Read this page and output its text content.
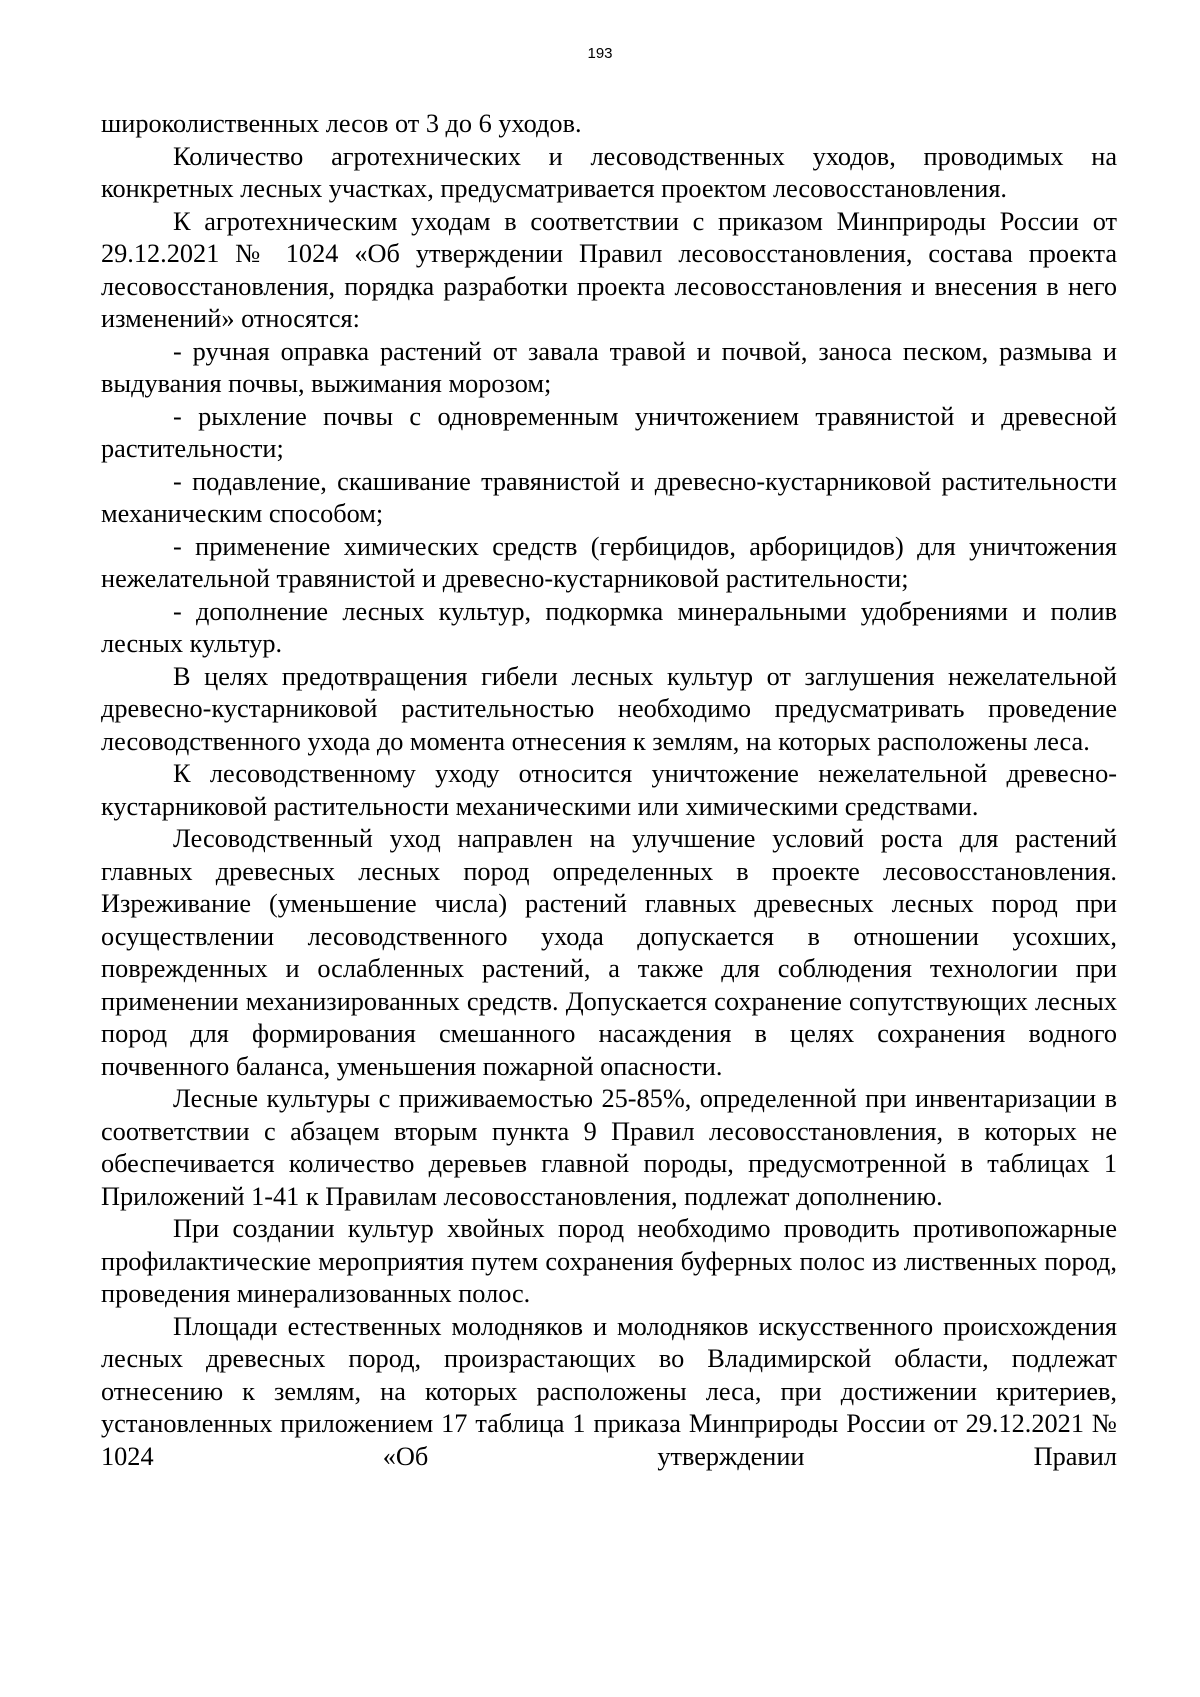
193

широколиственных лесов от 3 до 6 уходов.

Количество агротехнических и лесоводственных уходов, проводимых на конкретных лесных участках, предусматривается проектом лесовосстановления.

К агротехническим уходам в соответствии с приказом Минприроды России от 29.12.2021 № 1024 «Об утверждении Правил лесовосстановления, состава проекта лесовосстановления, порядка разработки проекта лесовосстановления и внесения в него изменений» относятся:

- ручная оправка растений от завала травой и почвой, заноса песком, размыва и выдувания почвы, выжимания морозом;

- рыхление почвы с одновременным уничтожением травянистой и древесной растительности;

- подавление, скашивание травянистой и древесно-кустарниковой растительности механическим способом;

- применение химических средств (гербицидов, арборицидов) для уничтожения нежелательной травянистой и древесно-кустарниковой растительности;

- дополнение лесных культур, подкормка минеральными удобрениями и полив лесных культур.

В целях предотвращения гибели лесных культур от заглушения нежелательной древесно-кустарниковой растительностью необходимо предусматривать проведение лесоводственного ухода до момента отнесения к землям, на которых расположены леса.

К лесоводственному уходу относится уничтожение нежелательной древесно-кустарниковой растительности механическими или химическими средствами.

Лесоводственный уход направлен на улучшение условий роста для растений главных древесных лесных пород определенных в проекте лесовосстановления. Изреживание (уменьшение числа) растений главных древесных лесных пород при осуществлении лесоводственного ухода допускается в отношении усохших, поврежденных и ослабленных растений, а также для соблюдения технологии при применении механизированных средств. Допускается сохранение сопутствующих лесных пород для формирования смешанного насаждения в целях сохранения водного почвенного баланса, уменьшения пожарной опасности.

Лесные культуры с приживаемостью 25-85%, определенной при инвентаризации в соответствии с абзацем вторым пункта 9 Правил лесовосстановления, в которых не обеспечивается количество деревьев главной породы, предусмотренной в таблицах 1 Приложений 1-41 к Правилам лесовосстановления, подлежат дополнению.

При создании культур хвойных пород необходимо проводить противопожарные профилактические мероприятия путем сохранения буферных полос из лиственных пород, проведения минерализованных полос.

Площади естественных молодняков и молодняков искусственного происхождения лесных древесных пород, произрастающих во Владимирской области, подлежат отнесению к землям, на которых расположены леса, при достижении критериев, установленных приложением 17 таблица 1 приказа Минприроды России от 29.12.2021 № 1024 «Об утверждении Правил
